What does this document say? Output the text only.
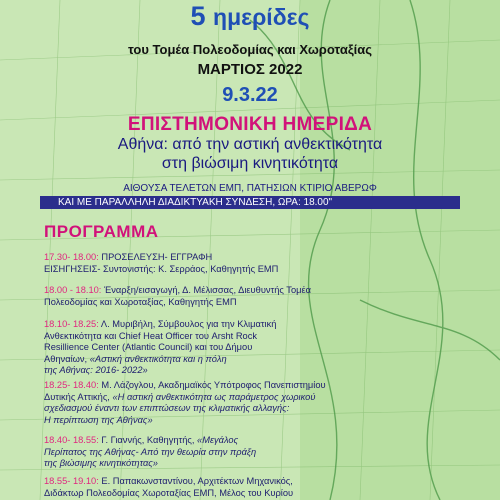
5 ημερίδες
του Τομέα Πολεοδομίας και Χωροταξίας
ΜΑΡΤΙΟΣ 2022
9.3.22
ΕΠΙΣΤΗΜΟΝΙΚΗ ΗΜΕΡΙΔΑ
Αθήνα: από την αστική ανθεκτικότητα
στη βιώσιμη κινητικότητα
ΑΙΘΟΥΣΑ ΤΕΛΕΤΩΝ ΕΜΠ, ΠΑΤΗΣΙΩΝ ΚΤΙΡΙΟ ΑΒΕΡΩΦ
ΚΑΙ ΜΕ ΠΑΡΑΛΛΗΛΗ ΔΙΑΔΙΚΤΥΑΚΗ ΣΥΝΔΕΣΗ, ΩΡΑ: 18.00"
ΠΡΟΓΡΑΜΜΑ
17.30- 18.00: ΠΡΟΣΕΛΕΥΣΗ- ΕΓΓΡΑΦΗ
ΕΙΣΗΓΗΣΕΙΣ- Συντονιστής: Κ. Σερράος, Καθηγητής ΕΜΠ
18.00 - 18.10: Έναρξη/εισαγωγή, Δ. Μέλισσας, Διευθυντής Τομέα
Πολεοδομίας και Χωροταξίας, Καθηγητής ΕΜΠ
18.10- 18.25: Λ. Μυριβήλη, Σύμβουλος για την Κλιματική
Ανθεκτικότητα και Chief Heat Officer του Arsht Rock
Resillience Center (Atlantic Council) και του Δήμου
Αθηναίων, «Αστική ανθεκτικότητα και η πόλη
της Αθήνας: 2016- 2022»
18.25- 18.40: Μ. Λάζογλου, Ακαδημαϊκός Υπότροφος Πανεπιστημίου
Δυτικής Αττικής, «Η αστική ανθεκτικότητα ως παράμετρος χωρικού
σχεδιασμού έναντι των επιπτώσεων της κλιματικής αλλαγής:
Η περίπτωση της Αθήνας»
18.40- 18.55: Γ. Γιαννής, Καθηγητής, «Μεγάλος
Περίπατος της Αθήνας- Από την θεωρία στην πράξη
της βιώσιμης κινητικότητας»
18.55- 19.10: Ε. Παπακωνσταντίνου, Αρχιτέκτων Μηχανικός,
Διδάκτωρ Πολεοδομίας Χωροταξίας ΕΜΠ, Μέλος του Κυρίου
